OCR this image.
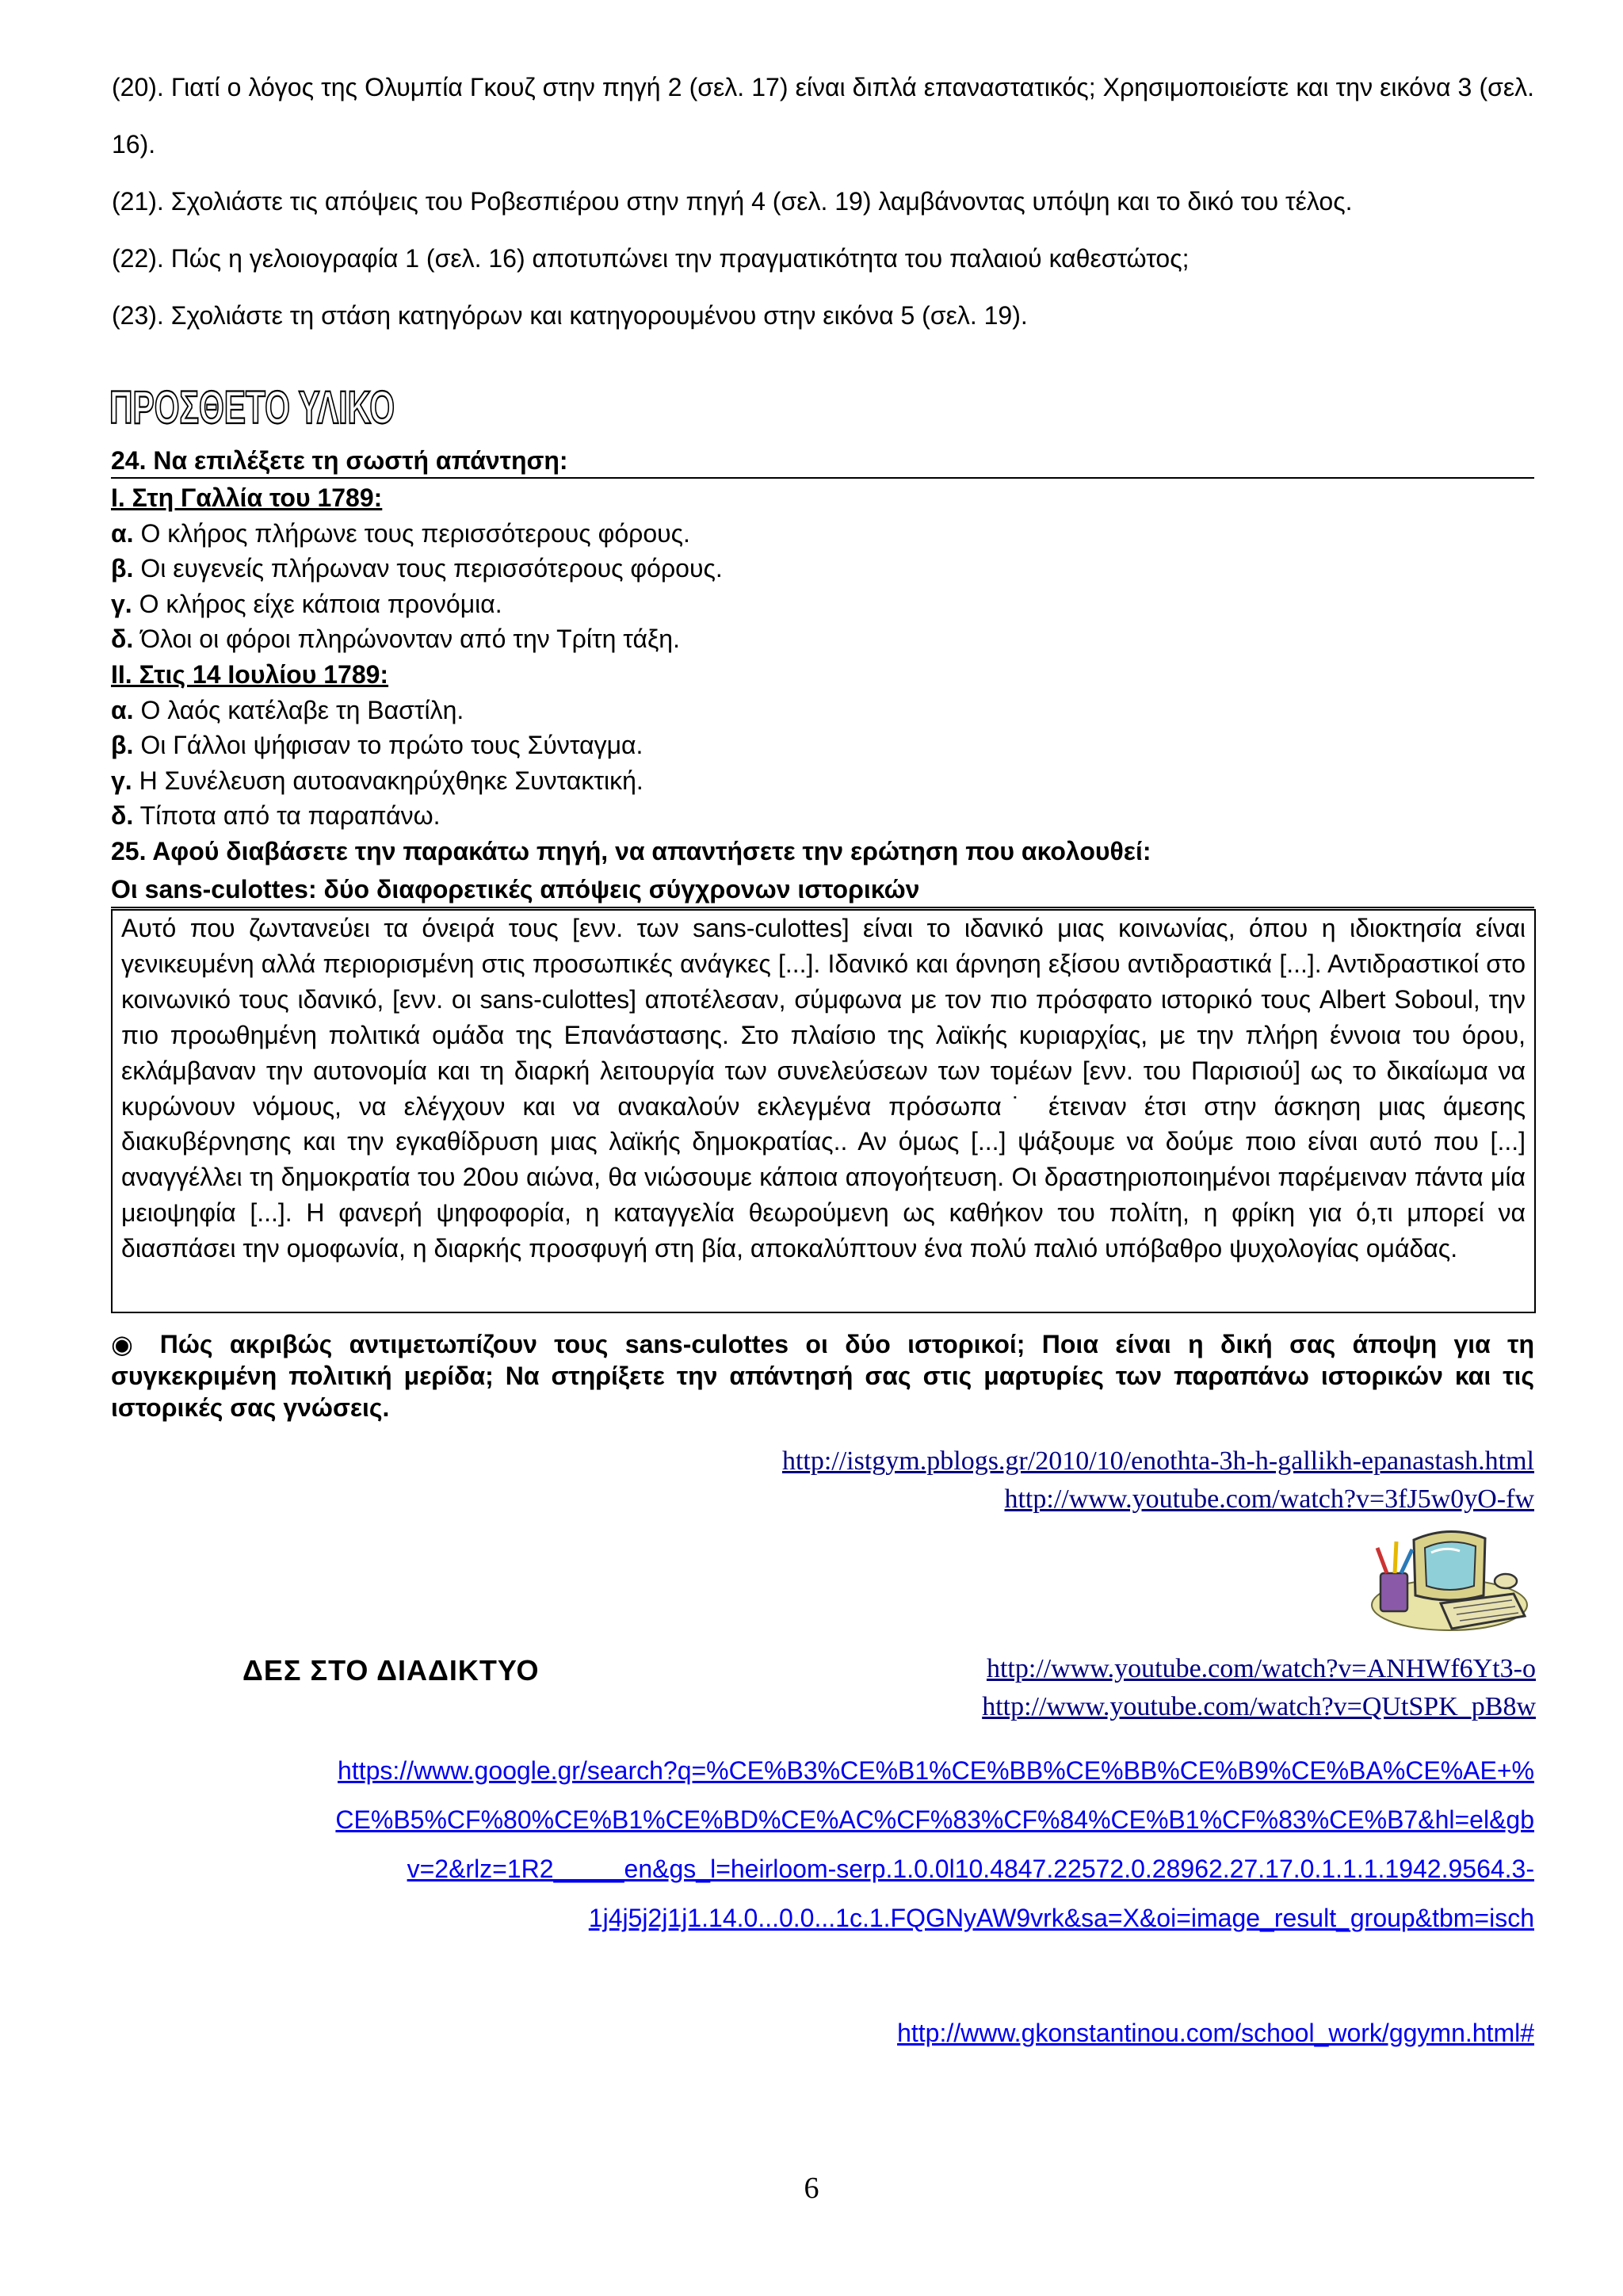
(20). Γιατί ο λόγος της Ολυμπία Γκουζ στην πηγή 2 (σελ. 17) είναι διπλά επαναστατικός; Χρησιμοποιείστε και την εικόνα 3 (σελ. 16).

(21). Σχολιάστε τις απόψεις του Ροβεσπιέρου στην πηγή 4 (σελ. 19) λαμβάνοντας υπόψη και το δικό του τέλος.

(22). Πώς η γελοιογραφία 1 (σελ. 16) αποτυπώνει την πραγματικότητα του παλαιού καθεστώτος;

(23). Σχολιάστε τη στάση κατηγόρων και κατηγορουμένου στην εικόνα 5 (σελ. 19).

ΠΡΟΣΘΕΤΟ ΥΛΙΚΟ
24. Να επιλέξετε τη σωστή απάντηση:
Ι. Στη Γαλλία του 1789:
α. Ο κλήρος πλήρωνε τους περισσότερους φόρους.
β. Οι ευγενείς πλήρωναν τους περισσότερους φόρους.
γ. Ο κλήρος είχε κάποια προνόμια.
δ. Όλοι οι φόροι πληρώνονταν από την Τρίτη τάξη.
ΙΙ. Στις 14 Ιουλίου 1789:
α. Ο λαός κατέλαβε τη Βαστίλη.
β. Οι Γάλλοι ψήφισαν το πρώτο τους Σύνταγμα.
γ. Η Συνέλευση αυτοανακηρύχθηκε Συντακτική.
δ. Τίποτα από τα παραπάνω.
25. Αφού διαβάσετε την παρακάτω πηγή, να απαντήσετε την ερώτηση που ακολουθεί:
Οι sans-culottes: δύο διαφορετικές απόψεις σύγχρονων ιστορικών
Αυτό που ζωντανεύει τα όνειρά τους [ενν. των sans-culottes] είναι το ιδανικό μιας κοινωνίας, όπου η ιδιοκτησία είναι γενικευμένη αλλά περιορισμένη στις προσωπικές ανάγκες [...]. Ιδανικό και άρνηση εξίσου αντιδραστικά [...]. Αντιδραστικοί στο κοινωνικό τους ιδανικό, [ενν. οι sans-culottes] αποτέλεσαν, σύμφωνα με τον πιο πρόσφατο ιστορικό τους Albert Soboul, την πιο προωθημένη πολιτικά ομάδα της Επανάστασης. Στο πλαίσιο της λαϊκής κυριαρχίας, με την πλήρη έννοια του όρου, εκλάμβαναν την αυτονομία και τη διαρκή λειτουργία των συνελεύσεων των τομέων [ενν. του Παρισιού] ως το δικαίωμα να κυρώνουν νόμους, να ελέγχουν και να ανακαλούν εκλεγμένα πρόσωπα˙ έτειναν έτσι στην άσκηση μιας άμεσης διακυβέρνησης και την εγκαθίδρυση μιας λαϊκής δημοκρατίας.. Αν όμως [...] ψάξουμε να δούμε ποιο είναι αυτό που [...] αναγγέλλει τη δημοκρατία του 20ου αιώνα, θα νιώσουμε κάποια απογοήτευση. Οι δραστηριοποιημένοι παρέμειναν πάντα μία μειοψηφία [...]. Η φανερή ψηφοφορία, η καταγγελία θεωρούμενη ως καθήκον του πολίτη, η φρίκη για ό,τι μπορεί να διασπάσει την ομοφωνία, η διαρκής προσφυγή στη βία, αποκαλύπτουν ένα πολύ παλιό υπόβαθρο ψυχολογίας ομάδας.
◉ Πώς ακριβώς αντιμετωπίζουν τους sans-culottes οι δύο ιστορικοί; Ποια είναι η δική σας άποψη για τη συγκεκριμένη πολιτική μερίδα; Να στηρίξετε την απάντησή σας στις μαρτυρίες των παραπάνω ιστορικών και τις ιστορικές σας γνώσεις.
http://istgym.pblogs.gr/2010/10/enothta-3h-h-gallikh-epanastash.html
http://www.youtube.com/watch?v=3fJ5w0yO-fw
ΔΕΣ ΣΤΟ ΔΙΑΔΙΚΤΥΟ	http://www.youtube.com/watch?v=ANHWf6Yt3-o
http://www.youtube.com/watch?v=QUtSPK_pB8w
https://www.google.gr/search?q=%CE%B3%CE%B1%CE%BB%CE%BB%CE%B9%CE%BA%CE%AE+%
CE%B5%CF%80%CE%B1%CE%BD%CE%AC%CF%83%CF%84%CE%B1%CF%83%CE%B7&hl=el&gb
v=2&rlz=1R2_____en&gs_l=heirloom-serp.1.0.0l10.4847.22572.0.28962.27.17.0.1.1.1.1942.9564.3-
1j4j5j2j1j1.14.0...0.0...1c.1.FQGNyAW9vrk&sa=X&oi=image_result_group&tbm=isch
http://www.gkonstantinou.com/school_work/ggymn.html#
6
